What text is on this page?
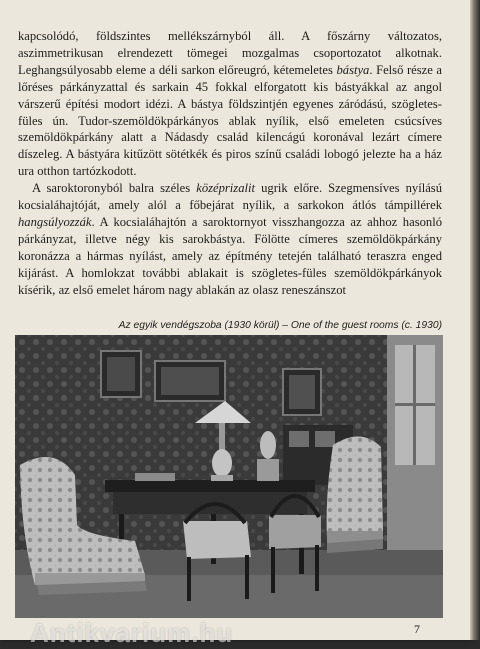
kapcsolódó, földszintes mellékszárnyból áll. A főszárny változatos, aszimmetrikusan elrendezett tömegei mozgalmas csoportozatot alkotnak. Leghangsúlyosabb eleme a déli sarkon előreugró, kétemeletes bástya. Felső része a lőréses párkányzattal és sarkain 45 fokkal elforgatott kis bástyákkal az angol várszerű építési modort idézi. A bástya földszintjén egyenes záródású, szögletes-füles ún. Tudor-szemöldökpárkányos ablak nyílik, első emeleten csúcsíves szemöldökpárkány alatt a Nádasdy család kilencágú koronával lezárt címere díszeleg. A bástyára kitűzött sötétkék és piros színű családi lobogó jelezte ha a ház ura otthon tartózkodott.

A saroktoronyból balra széles középrizalit ugrik előre. Szegmensíves nyílású kocsialáhajtóját, amely alól a főbejárat nyílik, a sarkokon átlós támpillérek hangsúlyozzák. A kocsialáhajtón a saroktornyot visszhangozza az ahhoz hasonló párkányzat, illetve négy kis sarokbástya. Fölötte címeres szemöldökpárkány koronázza a hármas nyílást, amely az építmény tetején található teraszra enged kijárást. A homlokzat további ablakait is szögletes-füles szemöldökpárkányok kísérik, az első emelet három nagy ablakán az olasz reneszánszot

Az egyik vendégszoba (1930 körül) – One of the guest rooms (c. 1930)
7
Antikvarium.hu
